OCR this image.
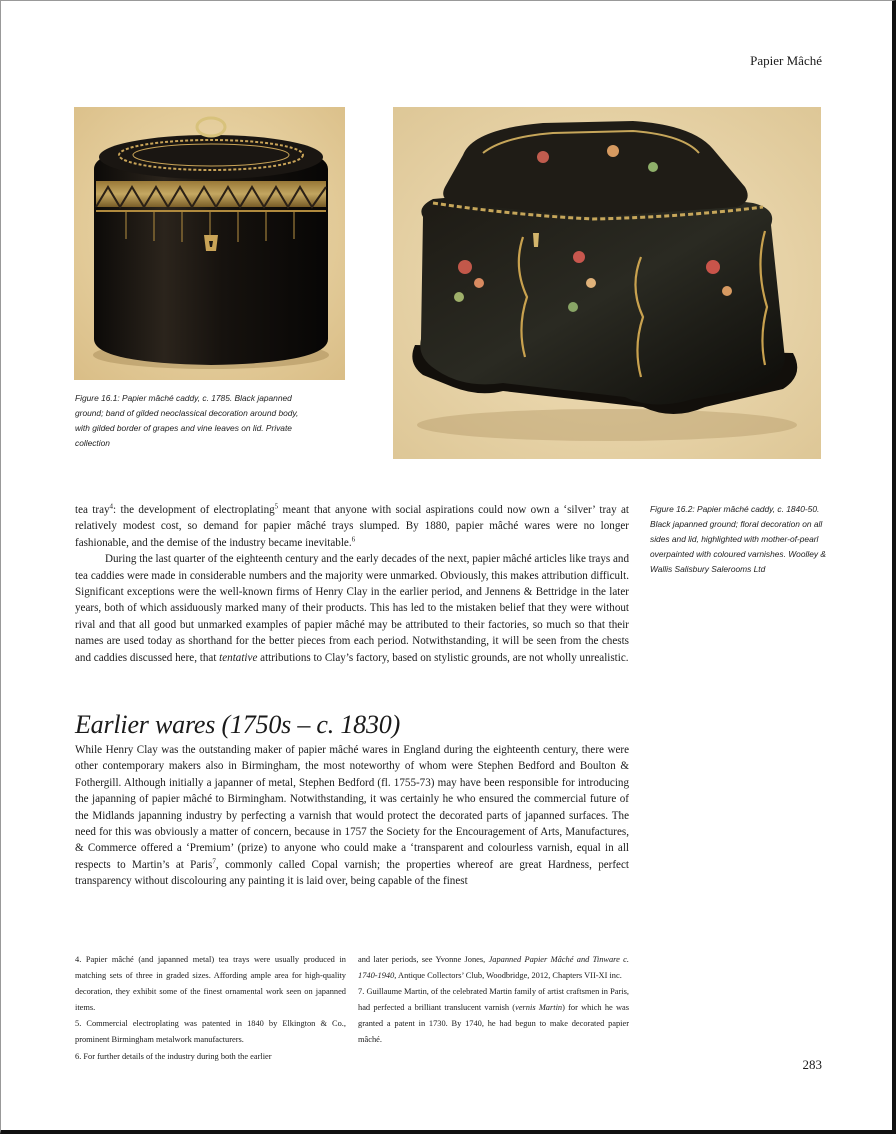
Papier Mâché
Figure 16.1: Papier mâché caddy, c. 1785. Black japanned ground; band of gilded neoclassical decoration around body, with gilded border of grapes and vine leaves on lid. Private collection
Figure 16.2: Papier mâché caddy, c. 1840-50. Black japanned ground; floral decoration on all sides and lid, highlighted with mother-of-pearl overpainted with coloured varnishes. Woolley & Wallis Salisbury Salerooms Ltd

tea tray$^4$: the development of electroplating$^5$ meant that anyone with social aspirations could now own a ‘silver’ tray at relatively modest cost, so demand for papier mâché trays slumped. By 1880, papier mâché wares were no longer fashionable, and the demise of the industry became inevitable.$^6$

During the last quarter of the eighteenth century and the early decades of the next, papier mâché articles like trays and tea caddies were made in considerable numbers and the majority were unmarked. Obviously, this makes attribution difficult. Significant exceptions were the well-known firms of Henry Clay in the earlier period, and Jennens & Bettridge in the later years, both of which assiduously marked many of their products. This has led to the mistaken belief that they were without rival and that all good but unmarked examples of papier mâché may be attributed to their factories, so much so that their names are used today as shorthand for the better pieces from each period. Notwithstanding, it will be seen from the chests and caddies discussed here, that tentative attributions to Clay’s factory, based on stylistic grounds, are not wholly unrealistic.

Earlier wares (1750s – c. 1830)

While Henry Clay was the outstanding maker of papier mâché wares in England during the eighteenth century, there were other contemporary makers also in Birmingham, the most noteworthy of whom were Stephen Bedford and Boulton & Fothergill. Although initially a japanner of metal, Stephen Bedford (fl. 1755-73) may have been responsible for introducing the japanning of papier mâché to Birmingham. Notwithstanding, it was certainly he who ensured the commercial future of the Midlands japanning industry by perfecting a varnish that would protect the decorated parts of japanned surfaces. The need for this was obviously a matter of concern, because in 1757 the Society for the Encouragement of Arts, Manufactures, & Commerce offered a ‘Premium’ (prize) to anyone who could make a ‘transparent and colourless varnish, equal in all respects to Martin’s at Paris$^7$, commonly called Copal varnish; the properties whereof are great Hardness, perfect transparency without discolouring any painting it is laid over, being capable of the finest

4. Papier mâché (and japanned metal) tea trays were usually produced in matching sets of three in graded sizes. Affording ample area for high-quality decoration, they exhibit some of the finest ornamental work seen on japanned items.

5. Commercial electroplating was patented in 1840 by Elkington & Co., prominent Birmingham metalwork manufacturers.

6. For further details of the industry during both the earlier

and later periods, see Yvonne Jones, Japanned Papier Mâché and Tinware c. 1740-1940, Antique Collectors’ Club, Woodbridge, 2012, Chapters VII-XI inc.

7. Guillaume Martin, of the celebrated Martin family of artist craftsmen in Paris, had perfected a brilliant translucent varnish (vernis Martin) for which he was granted a patent in 1730. By 1740, he had begun to make decorated papier mâché.

283
